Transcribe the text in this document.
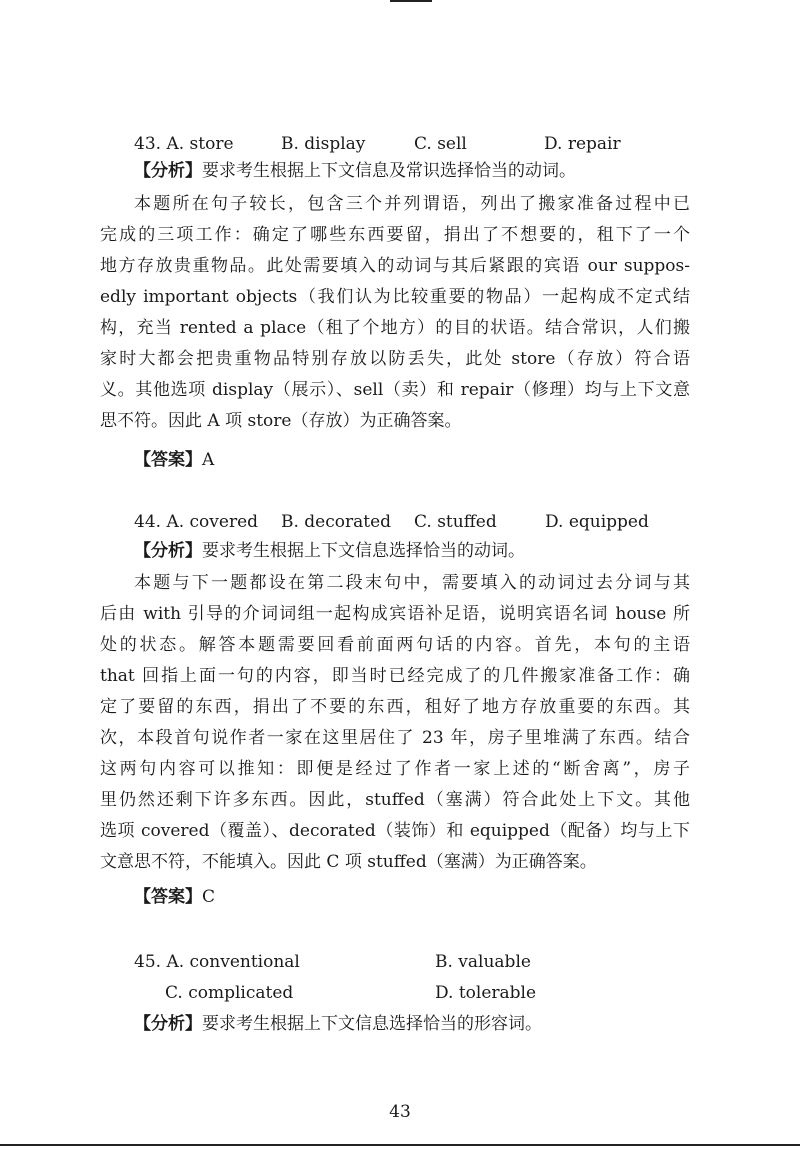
43. A. store	B. display	C. sell	D. repair
【分析】要求考生根据上下文信息及常识选择恰当的动词。
本题所在句子较长，包含三个并列谓语，列出了搬家准备过程中已
完成的三项工作：确定了哪些东西要留，捐出了不想要的，租下了一个
地方存放贵重物品。此处需要填入的动词与其后紧跟的宾语 our suppos-
edly important objects（我们认为比较重要的物品）一起构成不定式结
构，充当 rented a place（租了个地方）的目的状语。结合常识，人们搬
家时大都会把贵重物品特别存放以防丢失，此处 store（存放）符合语
义。其他选项 display（展示）、sell（卖）和 repair（修理）均与上下文意
思不符。因此 A 项 store（存放）为正确答案。
【答案】A
44. A. covered B. decorated C. stuffed	D. equipped
【分析】要求考生根据上下文信息选择恰当的动词。
本题与下一题都设在第二段末句中，需要填入的动词过去分词与其
后由 with 引导的介词词组一起构成宾语补足语，说明宾语名词 house 所
处的状态。解答本题需要回看前面两句话的内容。首先，本句的主语
that 回指上面一句的内容，即当时已经完成了的几件搬家准备工作：确
定了要留的东西，捐出了不要的东西，租好了地方存放重要的东西。其
次，本段首句说作者一家在这里居住了 23 年，房子里堆满了东西。结合
这两句内容可以推知：即便是经过了作者一家上述的“断舍离”，房子
里仍然还剩下许多东西。因此，stuffed（塞满）符合此处上下文。其他
选项 covered（覆盖）、decorated（装饰）和 equipped（配备）均与上下
文意思不符，不能填入。因此 C 项 stuffed（塞满）为正确答案。
【答案】C
45. A. conventional	B. valuable
C. complicated	D. tolerable
【分析】要求考生根据上下文信息选择恰当的形容词。
43
